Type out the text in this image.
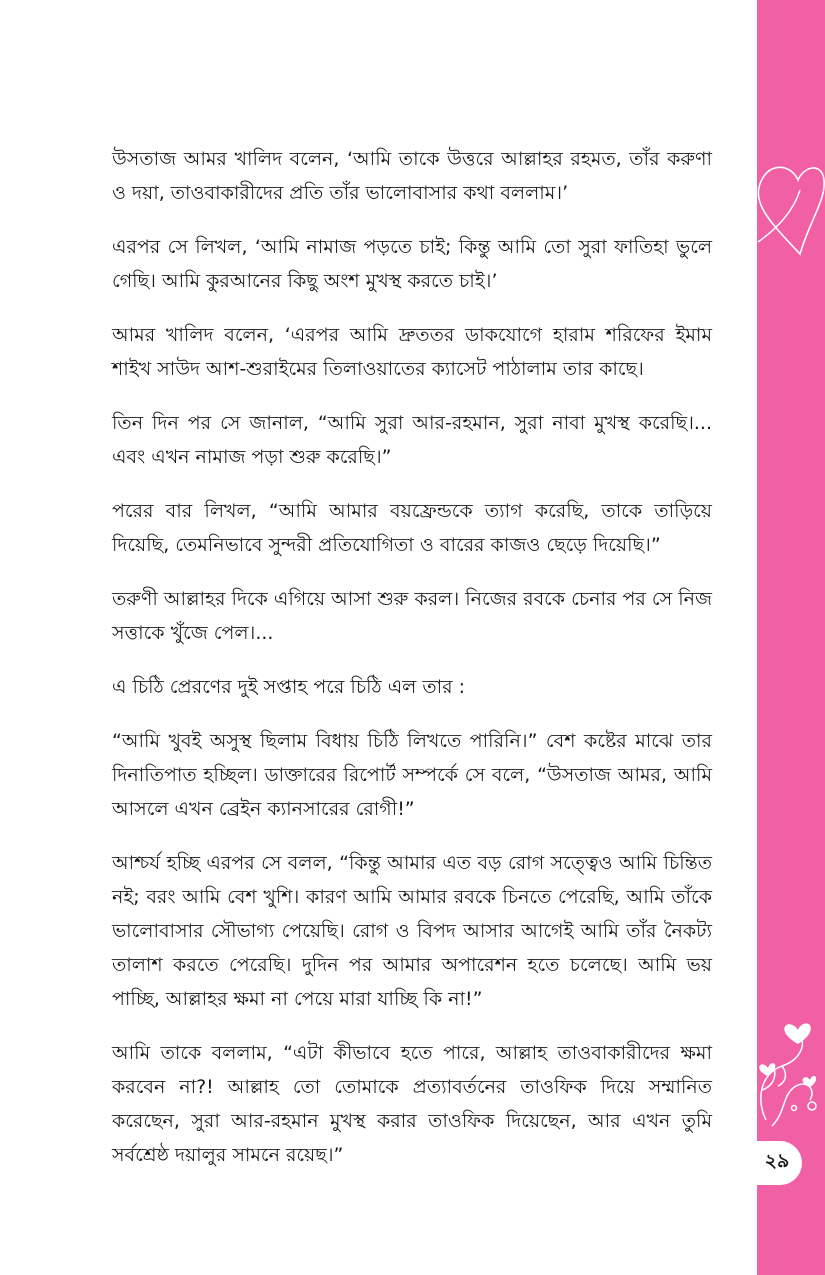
উসতাজ আমর খালিদ বলেন, ‘আমি তাকে উত্তরে আল্লাহর রহমত, তাঁর করুণা ও দয়া, তাওবাকারীদের প্রতি তাঁর ভালোবাসার কথা বললাম।’

এরপর সে লিখল, ‘আমি নামাজ পড়তে চাই; কিন্তু আমি তো সুরা ফাতিহা ভুলে গেছি। আমি কুরআনের কিছু অংশ মুখস্থ করতে চাই।’

আমর খালিদ বলেন, ‘এরপর আমি দ্রুততর ডাকযোগে হারাম শরিফের ইমাম শাইখ সাউদ আশ-শুরাইমের তিলাওয়াতের ক্যাসেট পাঠালাম তার কাছে।

তিন দিন পর সে জানাল, “আমি সুরা আর-রহমান, সুরা নাবা মুখস্থ করেছি।... এবং এখন নামাজ পড়া শুরু করেছি।”

পরের বার লিখল, “আমি আমার বয়ফ্রেন্ডকে ত্যাগ করেছি, তাকে তাড়িয়ে দিয়েছি, তেমনিভাবে সুন্দরী প্রতিযোগিতা ও বারের কাজও ছেড়ে দিয়েছি।”

তরুণী আল্লাহর দিকে এগিয়ে আসা শুরু করল। নিজের রবকে চেনার পর সে নিজ সত্তাকে খুঁজে পেল।...

এ চিঠি প্রেরণের দুই সপ্তাহ পরে চিঠি এল তার :

“আমি খুবই অসুস্থ ছিলাম বিধায় চিঠি লিখতে পারিনি।” বেশ কষ্টের মাঝে তার দিনাতিপাত হচ্ছিল। ডাক্তারের রিপোর্ট সম্পর্কে সে বলে, “উসতাজ আমর, আমি আসলে এখন ব্রেইন ক্যানসারের রোগী!”

আশ্চর্য হচ্ছি এরপর সে বলল, “কিন্তু আমার এত বড় রোগ সত্ত্বেও আমি চিন্তিত নই; বরং আমি বেশ খুশি। কারণ আমি আমার রবকে চিনতে পেরেছি, আমি তাঁকে ভালোবাসার সৌভাগ্য পেয়েছি। রোগ ও বিপদ আসার আগেই আমি তাঁর নৈকট্য তালাশ করতে পেরেছি। দুদিন পর আমার অপারেশন হতে চলেছে। আমি ভয় পাচ্ছি, আল্লাহর ক্ষমা না পেয়ে মারা যাচ্ছি কি না!”

আমি তাকে বললাম, “এটা কীভাবে হতে পারে, আল্লাহ তাওবাকারীদের ক্ষমা করবেন না?! আল্লাহ তো তোমাকে প্রত্যাবর্তনের তাওফিক দিয়ে সম্মানিত করেছেন, সুরা আর-রহমান মুখস্থ করার তাওফিক দিয়েছেন, আর এখন তুমি সর্বশ্রেষ্ঠ দয়ালুর সামনে রয়েছ।”

হে মুসলিম তরুণী
২৯
